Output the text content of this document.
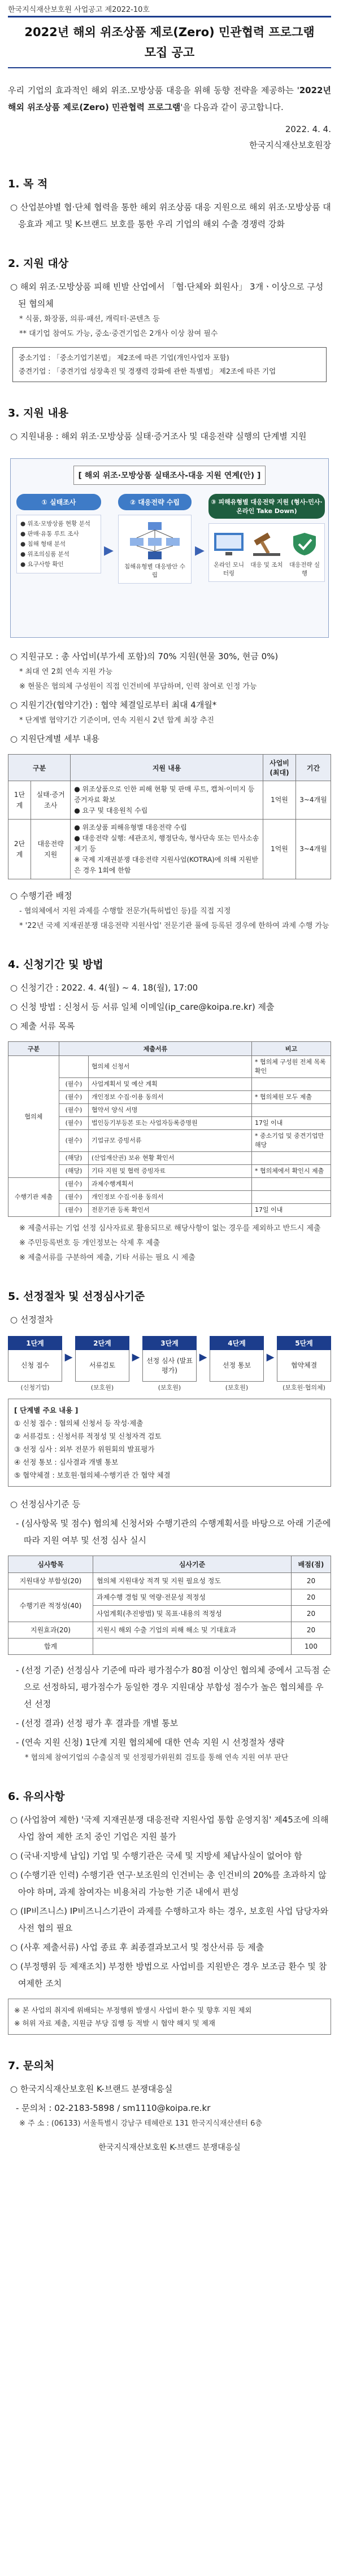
한국지식재산보호원 사업공고 제2022-10호
2022년 해외 위조상품 제로(Zero) 민관협력 프로그램
모집 공고
우리 기업의 효과적인 해외 위조․모방상품 대응을 위해 동향 전략을 제공하는 '2022년 해외 위조상품 제로(Zero) 민관협력 프로그램'을 다음과 같이 공고합니다.
2022. 4. 4.
한국지식재산보호원장
1. 목 적
○ 산업분야별 협·단체 협력을 통한 해외 위조상품 대응 지원으로 해외 위조·모방상품 대응효과 제고 및 K-브랜드 보호를 통한 우리 기업의 해외 수출 경쟁력 강화
2. 지원 대상
○ 해외 위조·모방상품 피해 빈발 산업에서 「협·단체와 회원사」 3개ㆍ이상으로 구성된 협의체
* 식품, 화장품, 의류·패션, 캐릭터·콘텐츠 등
** 대기업 참여도 가능, 중소·중견기업은 2개사 이상 참여 필수
중소기업 : 「중소기업기본법」 제2조에 따른 기업(개인사업자 포함)
중견기업 : 「중견기업 성장촉진 및 경쟁력 강화에 관한 특별법」 제2조에 따른 기업
3. 지원 내용
○ 지원내용 : 해외 위조·모방상품 실태·증거조사 및 대응전략 실행의 단계별 지원
[ 해외 위조·모방상품 실태조사-대응 지원 연계(안) ]
① 실태조사
● 위조·모방상품 현황 분석
● 판매·유통 루트 조사
● 침해 형태 분석
● 위조의심품 분석
● 요구사항 확인
▶
② 대응전략 수립
침해유형별 대응방안 수립
▶
③ 피해유형별 대응전략 지원 (형사·민사·온라인 Take Down)
온라인 모니터링
대응 및 조치	대응전략 실행
○ 지원규모 : 총 사업비(부가세 포함)의 70% 지원(현물 30%, 현금 0%)
* 최대 연 2회 연속 지원 가능
※ 현물은 협의체 구성원이 직접 인건비에 부담하며, 인력 참여로 인정 가능
○ 지원기간(협약기간) : 협약 체결일로부터 최대 4개월*
* 단계별 협약기간 기준이며, 연속 지원시 2년 합계 최장 추진
○ 지원단계별 세부 내용
구분		지원 내용	사업비 (최대)	기간
1단계	실태·증거조사	● 위조상품으로 인한 피해 현황 및 판매 루트, 캡쳐·이미지 등 증거자료 확보
● 요구 및 대응원칙 수립	1억원	3~4개월
2단계	대응전략 지원	● 위조상품 피해유형별 대응전략 수립
● 대응전략 실행: 세관조치, 행정단속, 형사단속 또는 민사소송 제기 등
※ 국제 지재권분쟁 대응전략 지원사업(KOTRA)에 의해 지원받은 경우 1회에 한함	1억원	3~4개월
○ 수행기관 배정
- 협의체에서 지원 과제를 수행할 전문가(특허법인 등)를 직접 지정
* '22년 국제 지재권분쟁 대응전략 지원사업' 전문기관 풀에 등록된 경우에 한하여 과제 수행 가능
4. 신청기간 및 방법
○ 신청기간 : 2022. 4. 4(월) ~ 4. 18(월), 17:00
○ 신청 방법 : 신청서 등 서류 일체 이메일(ip_care@koipa.re.kr) 제출
○ 제출 서류 목록
구분	제출서류		비고
협의체		협의체 신청서	* 협의체 구성원 전체 목록 확인
	(필수)	사업계획서 및 예산 계획	
	(필수)	개인정보 수집·이용 동의서	* 협의체원 모두 제출
	(필수)	협약서 양식 서명	
	(필수)	법인등기부등본 또는 사업자등록증명원	17일 이내
	(필수)	기업규모 증빙서류	* 중소기업 및 중견기업만 해당
	(해당)	(산업재산권) 보유 현황 확인서	
	(해당)	기타 지원 및 협력 증빙자료	* 협의체에서 확인시 제출
수행기관 제출	(필수)	과제수행계획서	
	(필수)	개인정보 수집·이용 동의서	
	(필수)	전문기관 등록 확인서	17일 이내
※ 제출서류는 기업 선정 심사자료로 활용되므로 해당사항이 없는 경우를 제외하고 반드시 제출
※ 주민등록번호 등 개인정보는 삭제 후 제출
※ 제출서류를 구분하여 제출, 기타 서류는 필요 시 제출
5. 선정절차 및 선정심사기준
○ 선정절차
1단계
신청 접수
(신청기업)
▶
2단계
서류검토
(보호원)
▶
3단계
선정 심사 (발표평가)
(보호원)
▶
4단계
선정 통보
(보호원)
▶
5단계
협약체결
(보호원·협의체)
[ 단계별 주요 내용 ]
① 신청 접수 : 협의체 신청서 등 작성·제출
② 서류검토 : 신청서류 적정성 및 신청자격 검토
③ 선정 심사 : 외부 전문가 위원회의 발표평가
④ 선정 통보 : 심사결과 개별 통보
⑤ 협약체결 : 보호원·협의체·수행기관 간 협약 체결
○ 선정심사기준 등
- (심사항목 및 점수) 협의체 신청서와 수행기관의 수행계획서를 바탕으로 아래 기준에 따라 지원 여부 및 선정 심사 실시
심사항목	심사기준	배점(점)
지원대상 부합성(20)	협의체 지원대상 적격 및 지원 필요성 정도	20
수행기관 적정성(40)	과제수행 경험 및 역량·전문성 적정성	20
	사업계획(추진방법) 및 목표·내용의 적정성	20
지원효과(20)	지원시 해외 수출 기업의 피해 해소 및 기대효과	20
합계		100
- (선정 기준) 선정심사 기준에 따라 평가점수가 80점 이상인 협의체 중에서 고득점 순으로 선정하되, 평가점수가 동일한 경우 지원대상 부합성 점수가 높은 협의체를 우선 선정
- (선정 결과) 선정 평가 후 결과를 개별 통보
- (연속 지원 신청) 1단계 지원 협의체에 대한 연속 지원 시 선정절차 생략
* 협의체 참여기업의 수출실적 및 선정평가위원회 검토를 통해 연속 지원 여부 판단
6. 유의사항
○ (사업참여 제한) '국제 지재권분쟁 대응전략 지원사업 통합 운영지침' 제45조에 의해 사업 참여 제한 조치 중인 기업은 지원 불가
○ (국내·지방세 납입) 기업 및 수행기관은 국세 및 지방세 체납사실이 없어야 함
○ (수행기관 인력) 수행기관 연구·보조원의 인건비는 총 인건비의 20%를 초과하지 않아야 하며, 과제 참여자는 비용처리 가능한 기준 내에서 편성
○ (IP비즈니스) IP비즈니스기관이 과제를 수행하고자 하는 경우, 보호원 사업 담당자와 사전 협의 필요
○ (사후 제출서류) 사업 종료 후 최종결과보고서 및 정산서류 등 제출
○ (부정행위 등 제재조치) 부정한 방법으로 사업비를 지원받은 경우 보조금 환수 및 참여제한 조치
※ 본 사업의 취지에 위배되는 부정행위 발생시 사업비 환수 및 향후 지원 제외
※ 허위 자료 제출, 지원금 부당 집행 등 적발 시 협약 해지 및 제재
7. 문의처
○ 한국지식재산보호원 K-브랜드 분쟁대응실
- 문의처 : 02-2183-5898 / sm1110@koipa.re.kr
※ 주 소 : (06133) 서울특별시 강남구 테헤란로 131 한국지식재산센터 6층
한국지식재산보호원 K-브랜드 분쟁대응실
